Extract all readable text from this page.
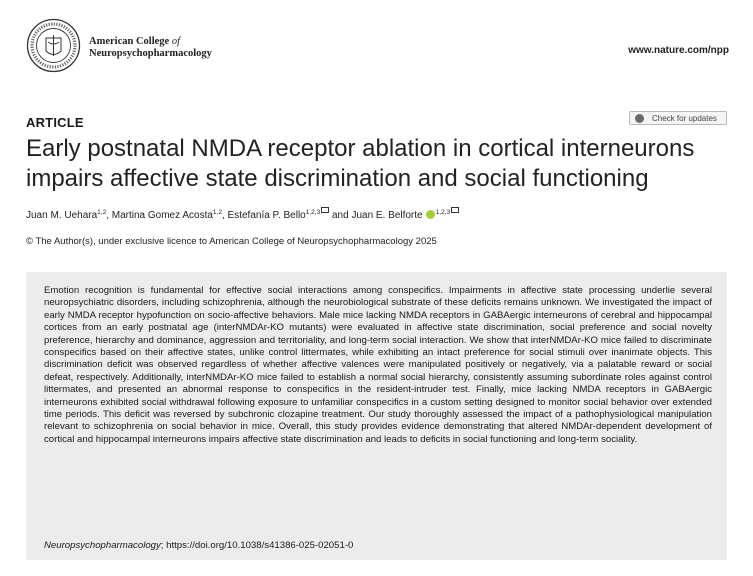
American College of
Neuropsychopharmacology	www.nature.com/npp
Check for updates
ARTICLE
Early postnatal NMDA receptor ablation in cortical interneurons impairs affective state discrimination and social functioning
Juan M. Uehara$^{1,2}$, Martina Gomez Acosta$^{1,2}$, Estefanía P. Bello$^{1,2,3}$ and Juan E. Belforte $^{1,2,3}$
© The Author(s), under exclusive licence to American College of Neuropsychopharmacology 2025

Emotion recognition is fundamental for effective social interactions among conspecifics. Impairments in affective state processing underlie several neuropsychiatric disorders, including schizophrenia, although the neurobiological substrate of these deficits remains unknown. We investigated the impact of early NMDA receptor hypofunction on socio-affective behaviors. Male mice lacking NMDA receptors in GABAergic interneurons of cerebral and hippocampal cortices from an early postnatal age (interNMDAr-KO mutants) were evaluated in affective state discrimination, social preference and social novelty preference, hierarchy and dominance, aggression and territoriality, and long-term social interaction. We show that interNMDAr-KO mice failed to discriminate conspecifics based on their affective states, unlike control littermates, while exhibiting an intact preference for social stimuli over inanimate objects. This discrimination deficit was observed regardless of whether affective valences were manipulated positively or negatively, via a palatable reward or social defeat, respectively. Additionally, interNMDAr-KO mice failed to establish a normal social hierarchy, consistently assuming subordinate roles against control littermates, and presented an abnormal response to conspecifics in the resident-intruder test. Finally, mice lacking NMDA receptors in GABAergic interneurons exhibited social withdrawal following exposure to unfamiliar conspecifics in a custom setting designed to monitor social behavior over extended time periods. This deficit was reversed by subchronic clozapine treatment. Our study thoroughly assessed the impact of a pathophysiological manipulation relevant to schizophrenia on social behavior in mice. Overall, this study provides evidence demonstrating that altered NMDAr-dependent development of cortical and hippocampal interneurons impairs affective state discrimination and leads to deficits in social functioning and long-term sociality.

Neuropsychopharmacology; https://doi.org/10.1038/s41386-025-02051-0
